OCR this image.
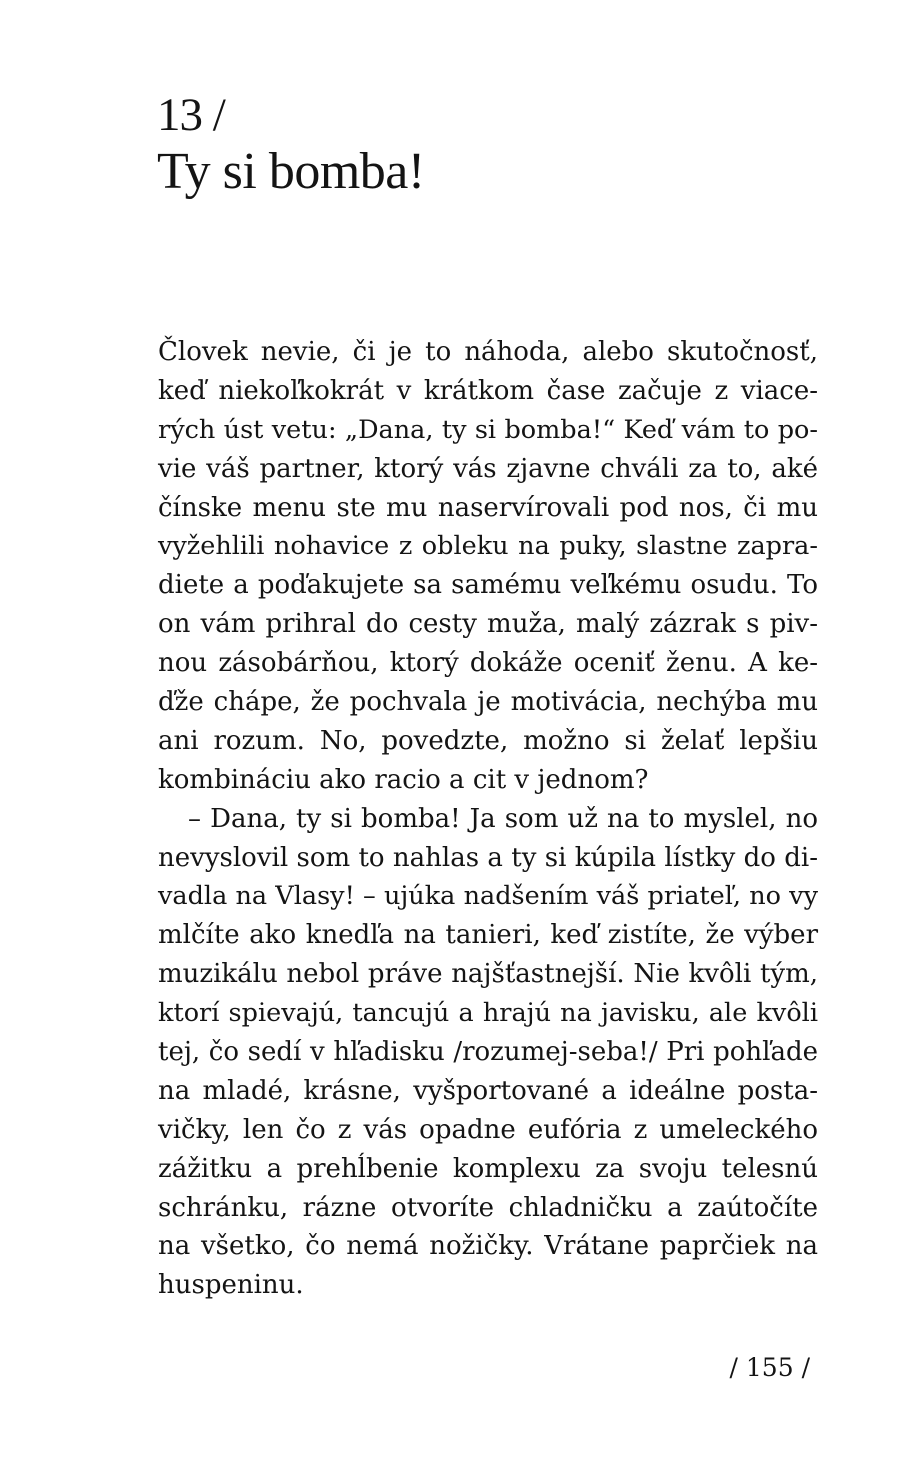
13 /
Ty si bomba!
Človek nevie, či je to náhoda, alebo skutočnosť,
keď niekoľkokrát v krátkom čase začuje z viace-
rých úst vetu: „Dana, ty si bomba!“ Keď vám to po-
vie váš partner, ktorý vás zjavne chváli za to, aké
čínske menu ste mu naservírovali pod nos, či mu
vyžehlili nohavice z obleku na puky, slastne zapra-
diete a poďakujete sa samému veľkému osudu. To
on vám prihral do cesty muža, malý zázrak s piv-
nou zásobárňou, ktorý dokáže oceniť ženu. A ke-
ďže chápe, že pochvala je motivácia, nechýba mu
ani rozum. No, povedzte, možno si želať lepšiu
kombináciu ako racio a cit v jednom?
– Dana, ty si bomba! Ja som už na to myslel, no
nevyslovil som to nahlas a ty si kúpila lístky do di-
vadla na Vlasy! – ujúka nadšením váš priateľ, no vy
mlčíte ako knedľa na tanieri, keď zistíte, že výber
muzikálu nebol práve najšťastnejší. Nie kvôli tým,
ktorí spievajú, tancujú a hrajú na javisku, ale kvôli
tej, čo sedí v hľadisku /rozumej-seba!/ Pri pohľade
na mladé, krásne, vyšportované a ideálne posta-
vičky, len čo z vás opadne eufória z umeleckého
zážitku a prehĺbenie komplexu za svoju telesnú
schránku, rázne otvoríte chladničku a zaútočíte
na všetko, čo nemá nožičky. Vrátane paprčiek na
huspeninu.
/ 155 /
